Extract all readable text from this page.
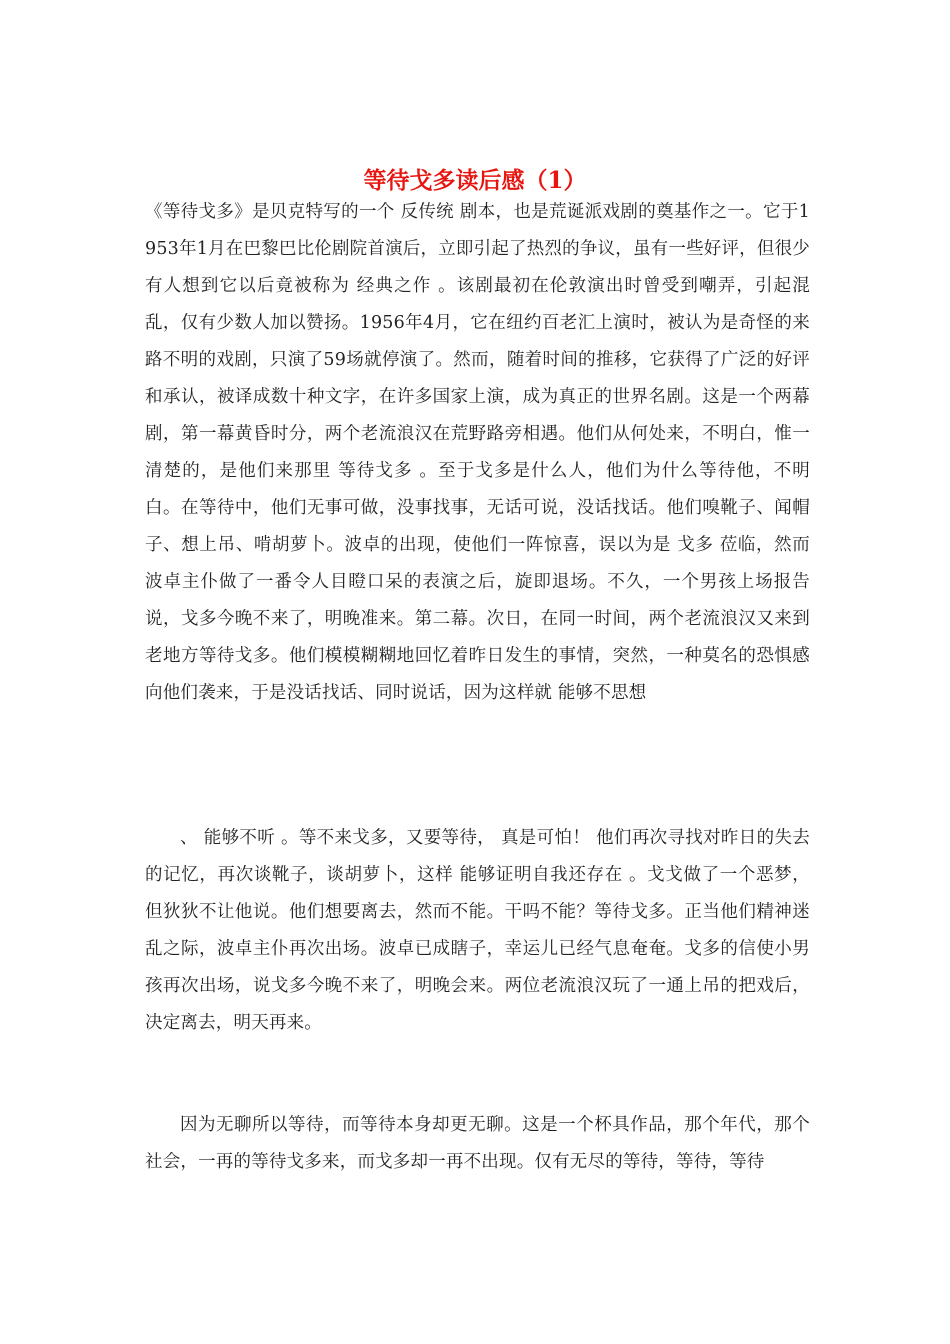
等待戈多读后感（1）

《等待戈多》是贝克特写的一个 反传统 剧本，也是荒诞派戏剧的奠基作之一。它于1953年1月在巴黎巴比伦剧院首演后，立即引起了热烈的争议，虽有一些好评，但很少有人想到它以后竟被称为 经典之作 。该剧最初在伦敦演出时曾受到嘲弄，引起混乱，仅有少数人加以赞扬。1956年4月，它在纽约百老汇上演时，被认为是奇怪的来路不明的戏剧，只演了59场就停演了。然而，随着时间的推移，它获得了广泛的好评和承认，被译成数十种文字，在许多国家上演，成为真正的世界名剧。这是一个两幕剧，第一幕黄昏时分，两个老流浪汉在荒野路旁相遇。他们从何处来，不明白，惟一清楚的，是他们来那里 等待戈多 。至于戈多是什么人，他们为什么等待他，不明白。在等待中，他们无事可做，没事找事，无话可说，没话找话。他们嗅靴子、闻帽子、想上吊、啃胡萝卜。波卓的出现，使他们一阵惊喜，误以为是 戈多 莅临，然而波卓主仆做了一番令人目瞪口呆的表演之后，旋即退场。不久，一个男孩上场报告说，戈多今晚不来了，明晚准来。第二幕。次日，在同一时间，两个老流浪汉又来到老地方等待戈多。他们模模糊糊地回忆着昨日发生的事情，突然，一种莫名的恐惧感向他们袭来，于是没话找话、同时说话，因为这样就 能够不思想

、 能够不听 。等不来戈多，又要等待， 真是可怕！ 他们再次寻找对昨日的失去的记忆，再次谈靴子，谈胡萝卜，这样 能够证明自我还存在 。戈戈做了一个恶梦，但狄狄不让他说。他们想要离去，然而不能。干吗不能？等待戈多。正当他们精神迷乱之际，波卓主仆再次出场。波卓已成瞎子，幸运儿已经气息奄奄。戈多的信使小男孩再次出场，说戈多今晚不来了，明晚会来。两位老流浪汉玩了一通上吊的把戏后，决定离去，明天再来。

因为无聊所以等待，而等待本身却更无聊。这是一个杯具作品，那个年代，那个社会，一再的等待戈多来，而戈多却一再不出现。仅有无尽的等待，等待，等待
